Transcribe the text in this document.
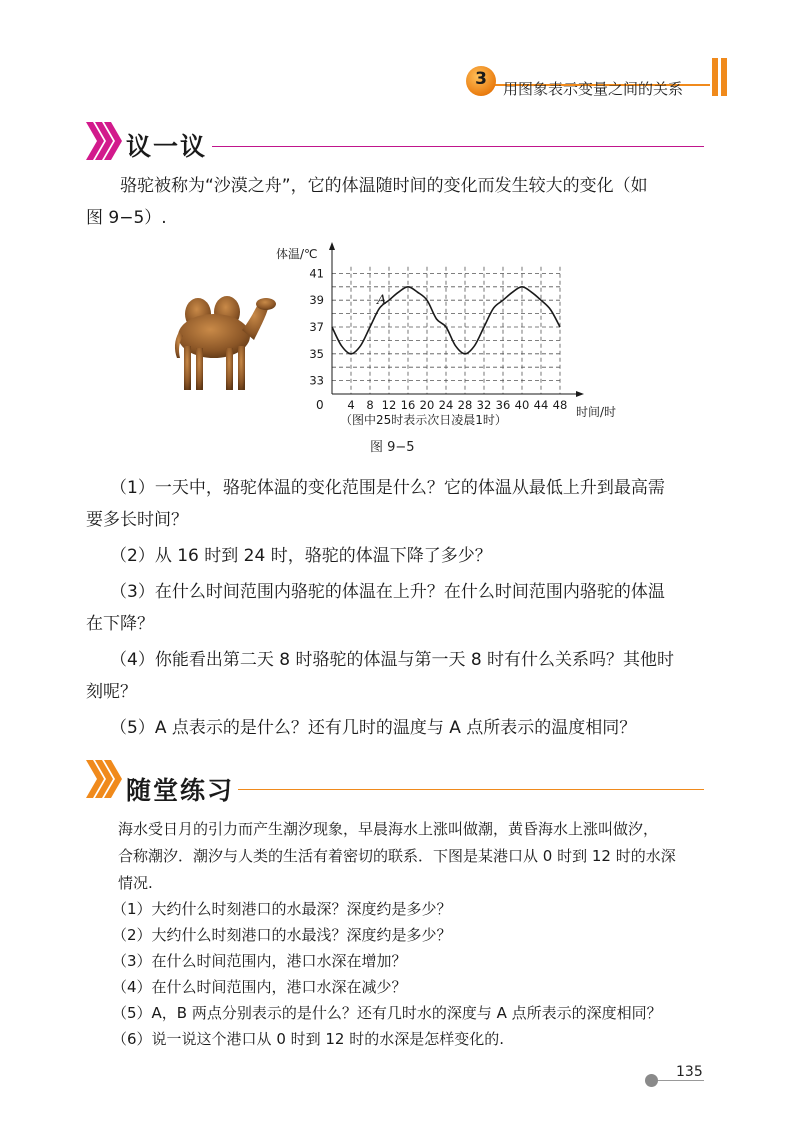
3	用图象表示变量之间的关系
议一议
骆驼被称为“沙漠之舟”，它的体温随时间的变化而发生较大的变化（如
图 9−5）.
4 8 12 16 20 24 28 32 36 40 44 48
33
35
37
39
41
体温/℃
时间/时
0
（图中25时表示次日凌晨1时）
A
图 9−5
（1）一天中，骆驼体温的变化范围是什么？它的体温从最低上升到最高需
要多长时间？
（2）从 16 时到 24 时，骆驼的体温下降了多少？
（3）在什么时间范围内骆驼的体温在上升？在什么时间范围内骆驼的体温
在下降？
（4）你能看出第二天 8 时骆驼的体温与第一天 8 时有什么关系吗？其他时
刻呢？
（5）A 点表示的是什么？还有几时的温度与 A 点所表示的温度相同？
随堂练习
海水受日月的引力而产生潮汐现象，早晨海水上涨叫做潮，黄昏海水上涨叫做汐，
合称潮汐．潮汐与人类的生活有着密切的联系．下图是某港口从 0 时到 12 时的水深
情况.
（1）大约什么时刻港口的水最深？深度约是多少？
（2）大约什么时刻港口的水最浅？深度约是多少？
（3）在什么时间范围内，港口水深在增加？
（4）在什么时间范围内，港口水深在减少？
（5）A，B 两点分别表示的是什么？还有几时水的深度与 A 点所表示的深度相同？
（6）说一说这个港口从 0 时到 12 时的水深是怎样变化的.
135
